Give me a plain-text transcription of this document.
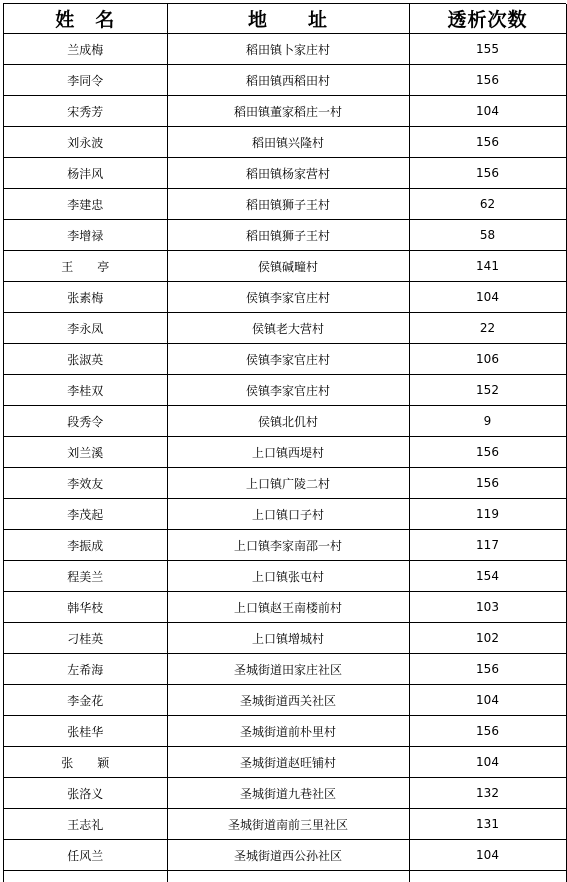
姓　名	地　　址	透析次数
兰成梅	稻田镇卜家庄村	155
李同令	稻田镇西稻田村	156
宋秀芳	稻田镇董家稻庄一村	104
刘永波	稻田镇兴隆村	156
杨沣风	稻田镇杨家营村	156
李建忠	稻田镇狮子王村	62
李增禄	稻田镇狮子王村	58
王　　亭	侯镇碱疃村	141
张素梅	侯镇李家官庄村	104
李永凤	侯镇老大营村	22
张淑英	侯镇李家官庄村	106
李桂双	侯镇李家官庄村	152
段秀令	侯镇北仉村	9
刘兰溪	上口镇西堤村	156
李效友	上口镇广陵二村	156
李茂起	上口镇口子村	119
李振成	上口镇李家南邵一村	117
程美兰	上口镇张屯村	154
韩华枝	上口镇赵王南楼前村	103
刁桂英	上口镇增城村	102
左希海	圣城街道田家庄社区	156
李金花	圣城街道西关社区	104
张桂华	圣城街道前朴里村	156
张　　颖	圣城街道赵旺铺村	104
张洛义	圣城街道九巷社区	132
王志礼	圣城街道南前三里社区	131
任风兰	圣城街道西公孙社区	104
